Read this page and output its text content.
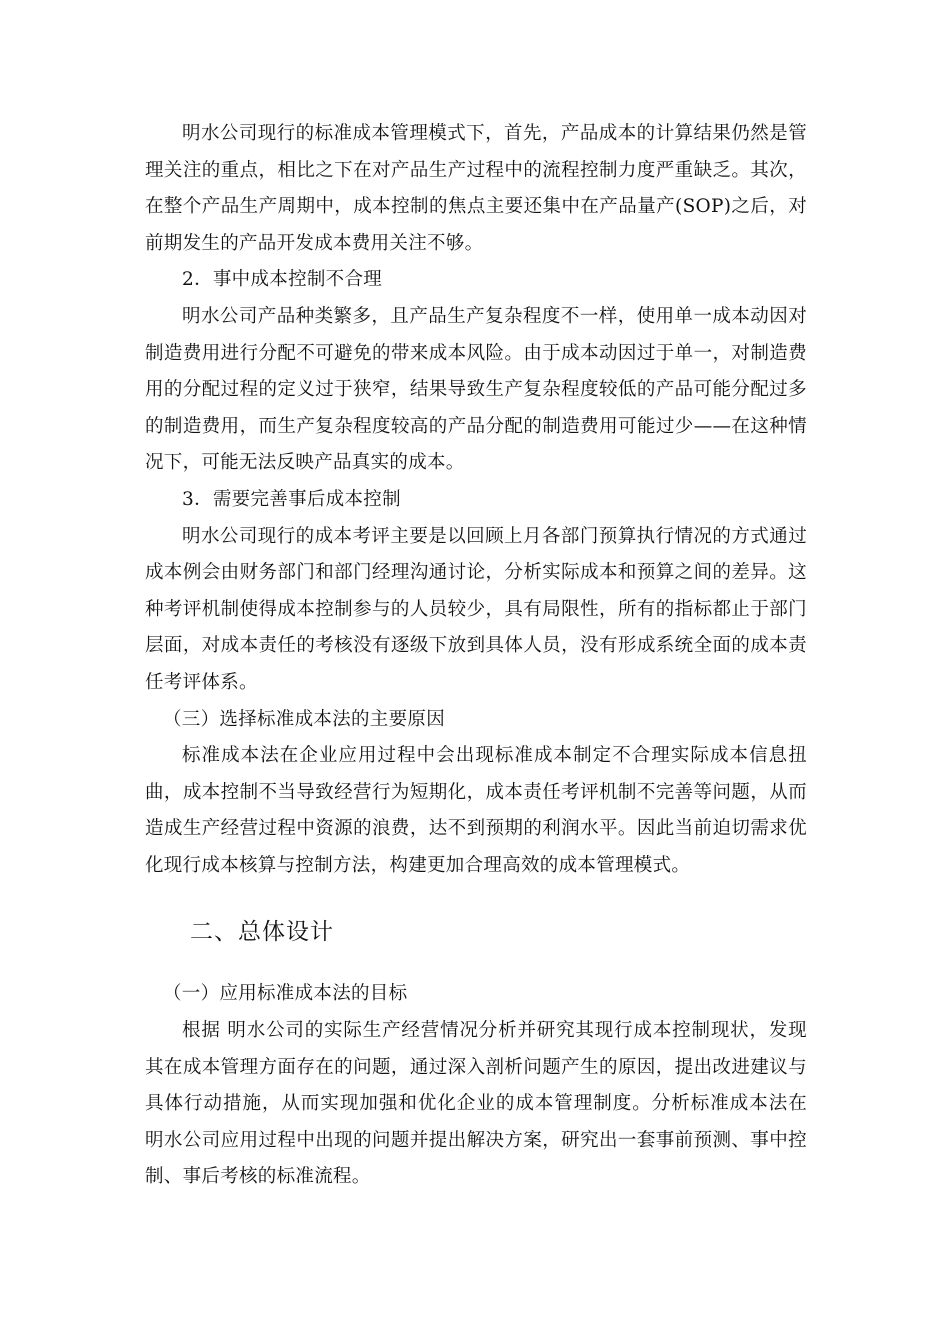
明水公司现行的标准成本管理模式下，首先，产品成本的计算结果仍然是管理关注的重点，相比之下在对产品生产过程中的流程控制力度严重缺乏。其次，在整个产品生产周期中，成本控制的焦点主要还集中在产品量产(SOP)之后，对前期发生的产品开发成本费用关注不够。

2．事中成本控制不合理

明水公司产品种类繁多，且产品生产复杂程度不一样，使用单一成本动因对制造费用进行分配不可避免的带来成本风险。由于成本动因过于单一，对制造费用的分配过程的定义过于狭窄，结果导致生产复杂程度较低的产品可能分配过多的制造费用，而生产复杂程度较高的产品分配的制造费用可能过少——在这种情况下，可能无法反映产品真实的成本。

3．需要完善事后成本控制

明水公司现行的成本考评主要是以回顾上月各部门预算执行情况的方式通过成本例会由财务部门和部门经理沟通讨论，分析实际成本和预算之间的差异。这种考评机制使得成本控制参与的人员较少，具有局限性，所有的指标都止于部门层面，对成本责任的考核没有逐级下放到具体人员，没有形成系统全面的成本责任考评体系。

（三）选择标准成本法的主要原因

标准成本法在企业应用过程中会出现标准成本制定不合理实际成本信息扭曲，成本控制不当导致经营行为短期化，成本责任考评机制不完善等问题，从而造成生产经营过程中资源的浪费，达不到预期的利润水平。因此当前迫切需求优化现行成本核算与控制方法，构建更加合理高效的成本管理模式。

二、总体设计

（一）应用标准成本法的目标

根据 明水公司的实际生产经营情况分析并研究其现行成本控制现状，发现其在成本管理方面存在的问题，通过深入剖析问题产生的原因，提出改进建议与具体行动措施，从而实现加强和优化企业的成本管理制度。分析标准成本法在 明水公司应用过程中出现的问题并提出解决方案，研究出一套事前预测、事中控制、事后考核的标准流程。
